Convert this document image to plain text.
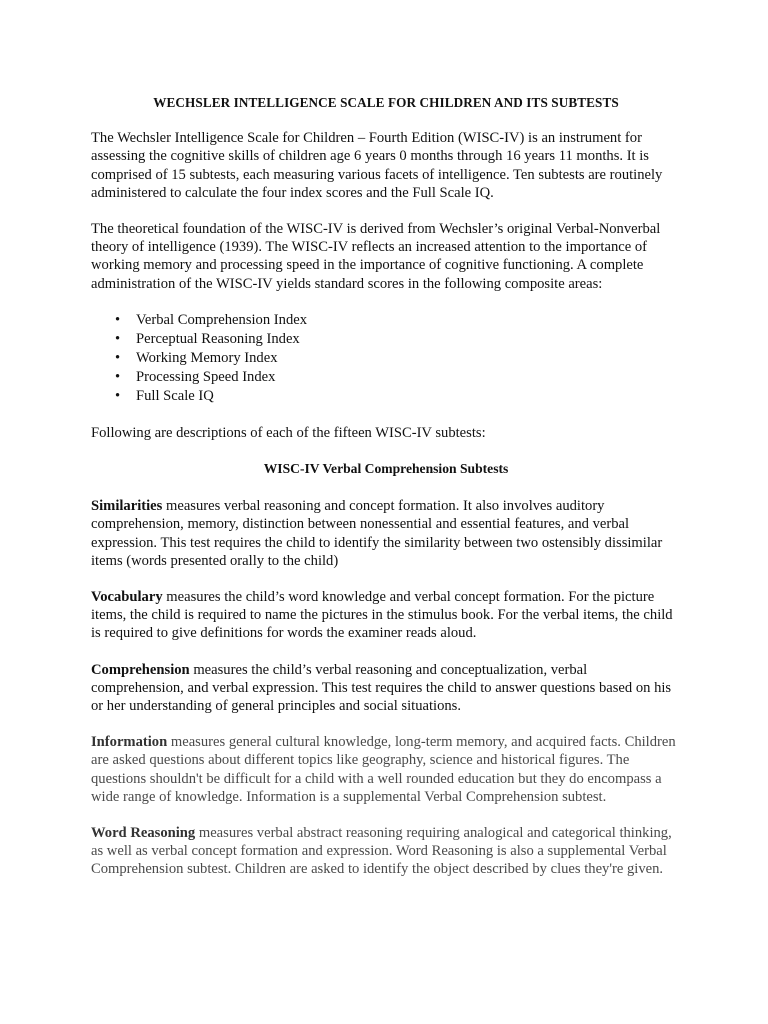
WECHSLER INTELLIGENCE SCALE FOR CHILDREN AND ITS SUBTESTS

The Wechsler Intelligence Scale for Children – Fourth Edition (WISC-IV) is an instrument for assessing the cognitive skills of children age 6 years 0 months through 16 years 11 months. It is comprised of 15 subtests, each measuring various facets of intelligence. Ten subtests are routinely administered to calculate the four index scores and the Full Scale IQ.

The theoretical foundation of the WISC-IV is derived from Wechsler’s original Verbal-Nonverbal theory of intelligence (1939). The WISC-IV reflects an increased attention to the importance of working memory and processing speed in the importance of cognitive functioning. A complete administration of the WISC-IV yields standard scores in the following composite areas:

• Verbal Comprehension Index
• Perceptual Reasoning Index
• Working Memory Index
• Processing Speed Index
• Full Scale IQ

Following are descriptions of each of the fifteen WISC-IV subtests:

WISC-IV Verbal Comprehension Subtests

Similarities measures verbal reasoning and concept formation. It also involves auditory comprehension, memory, distinction between nonessential and essential features, and verbal expression. This test requires the child to identify the similarity between two ostensibly dissimilar items (words presented orally to the child)

Vocabulary measures the child’s word knowledge and verbal concept formation. For the picture items, the child is required to name the pictures in the stimulus book. For the verbal items, the child is required to give definitions for words the examiner reads aloud.

Comprehension measures the child’s verbal reasoning and conceptualization, verbal comprehension, and verbal expression. This test requires the child to answer questions based on his or her understanding of general principles and social situations.

Information measures general cultural knowledge, long-term memory, and acquired facts. Children are asked questions about different topics like geography, science and historical figures. The questions shouldn't be difficult for a child with a well rounded education but they do encompass a wide range of knowledge. Information is a supplemental Verbal Comprehension subtest.

Word Reasoning measures verbal abstract reasoning requiring analogical and categorical thinking, as well as verbal concept formation and expression. Word Reasoning is also a supplemental Verbal Comprehension subtest. Children are asked to identify the object described by clues they're given.
